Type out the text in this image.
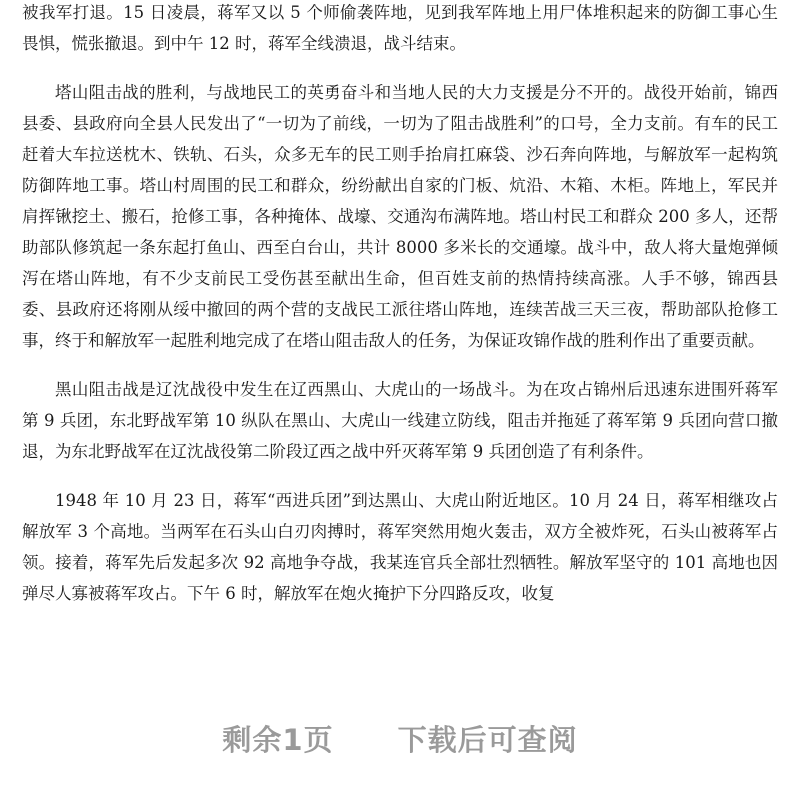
被我军打退。15 日凌晨，蒋军又以 5 个师偷袭阵地，见到我军阵地上用尸体堆积起来的防御工事心生畏惧，慌张撤退。到中午 12 时，蒋军全线溃退，战斗结束。

塔山阻击战的胜利，与战地民工的英勇奋斗和当地人民的大力支援是分不开的。战役开始前，锦西县委、县政府向全县人民发出了“一切为了前线，一切为了阻击战胜利”的口号，全力支前。有车的民工赶着大车拉送枕木、铁轨、石头，众多无车的民工则手抬肩扛麻袋、沙石奔向阵地，与解放军一起构筑防御阵地工事。塔山村周围的民工和群众，纷纷献出自家的门板、炕沿、木箱、木柜。阵地上，军民并肩挥锹挖土、搬石，抢修工事，各种掩体、战壕、交通沟布满阵地。塔山村民工和群众 200 多人，还帮助部队修筑起一条东起打鱼山、西至白台山，共计 8000 多米长的交通壕。战斗中，敌人将大量炮弹倾泻在塔山阵地，有不少支前民工受伤甚至献出生命，但百姓支前的热情持续高涨。人手不够，锦西县委、县政府还将刚从绥中撤回的两个营的支战民工派往塔山阵地，连续苦战三天三夜，帮助部队抢修工事，终于和解放军一起胜利地完成了在塔山阻击敌人的任务，为保证攻锦作战的胜利作出了重要贡献。

黑山阻击战是辽沈战役中发生在辽西黑山、大虎山的一场战斗。为在攻占锦州后迅速东进围歼蒋军第 9 兵团，东北野战军第 10 纵队在黑山、大虎山一线建立防线，阻击并拖延了蒋军第 9 兵团向营口撤退，为东北野战军在辽沈战役第二阶段辽西之战中歼灭蒋军第 9 兵团创造了有利条件。

1948 年 10 月 23 日，蒋军“西进兵团”到达黑山、大虎山附近地区。10 月 24 日，蒋军相继攻占解放军 3 个高地。当两军在石头山白刃肉搏时，蒋军突然用炮火轰击，双方全被炸死，石头山被蒋军占领。接着，蒋军先后发起多次 92 高地争夺战，我某连官兵全部壮烈牺牲。解放军坚守的 101 高地也因弹尽人寡被蒋军攻占。下午 6 时，解放军在炮火掩护下分四路反攻，收复

剩余1页 下载后可查阅
